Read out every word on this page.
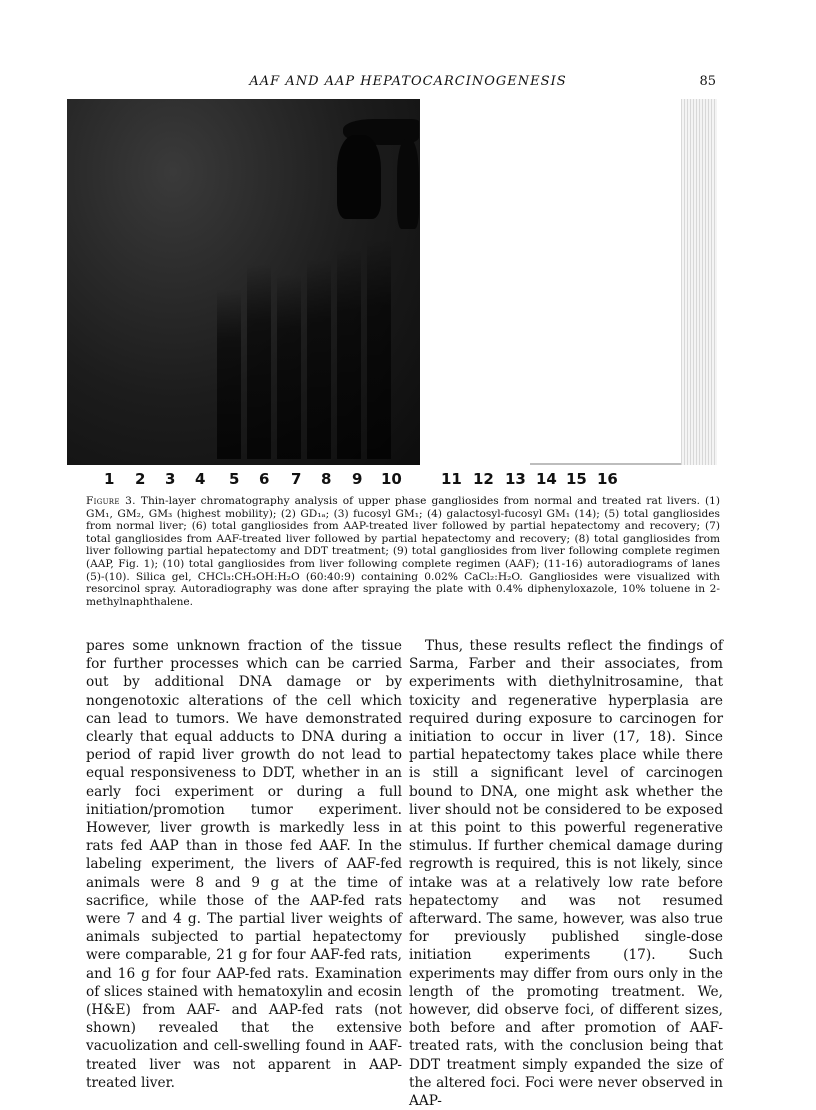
AAF AND AAP HEPATOCARCINOGENESIS	85
1 2 3 4 5 6 7 8 9 10	11 12 13 14 15 16
Figure 3. Thin-layer chromatography analysis of upper phase gangliosides from normal and treated rat livers. (1) GM₁, GM₂, GM₃ (highest mobility); (2) GD₁ₐ; (3) fucosyl GM₁; (4) galactosyl-fucosyl GM₁ (14); (5) total gangliosides from normal liver; (6) total gangliosides from AAP-treated liver followed by partial hepatectomy and recovery; (7) total gangliosides from AAF-treated liver followed by partial hepatectomy and recovery; (8) total gangliosides from liver following partial hepatectomy and DDT treatment; (9) total gangliosides from liver following complete regimen (AAP, Fig. 1); (10) total gangliosides from liver following complete regimen (AAF); (11-16) autoradiograms of lanes (5)-(10). Silica gel, CHCl₃:CH₃OH:H₂O (60:40:9) containing 0.02% CaCl₂:H₂O. Gangliosides were visualized with resorcinol spray. Autoradiography was done after spraying the plate with 0.4% diphenyloxazole, 10% toluene in 2-methylnaphthalene.

pares some unknown fraction of the tissue for further processes which can be carried out by additional DNA damage or by nongenotoxic alterations of the cell which can lead to tumors. We have demonstrated clearly that equal adducts to DNA during a period of rapid liver growth do not lead to equal responsiveness to DDT, whether in an early foci experiment or during a full initiation/promotion tumor experiment. However, liver growth is markedly less in rats fed AAP than in those fed AAF. In the labeling experiment, the livers of AAF-fed animals were 8 and 9 g at the time of sacrifice, while those of the AAP-fed rats were 7 and 4 g. The partial liver weights of animals subjected to partial hepatectomy were comparable, 21 g for four AAF-fed rats, and 16 g for four AAP-fed rats. Examination of slices stained with hematoxylin and ecosin (H&E) from AAF- and AAP-fed rats (not shown) revealed that the extensive vacuolization and cell-swelling found in AAF-treated liver was not apparent in AAP-treated liver.

Thus, these results reflect the findings of Sarma, Farber and their associates, from experiments with diethylnitrosamine, that toxicity and regenerative hyperplasia are required during exposure to carcinogen for initiation to occur in liver (17, 18). Since partial hepatectomy takes place while there is still a significant level of carcinogen bound to DNA, one might ask whether the liver should not be considered to be exposed at this point to this powerful regenerative stimulus. If further chemical damage during regrowth is required, this is not likely, since intake was at a relatively low rate before hepatectomy and was not resumed afterward. The same, however, was also true for previously published single-dose initiation experiments (17). Such experiments may differ from ours only in the length of the promoting treatment. We, however, did observe foci, of different sizes, both before and after promotion of AAF-treated rats, with the conclusion being that DDT treatment simply expanded the size of the altered foci. Foci were never observed in AAP-
